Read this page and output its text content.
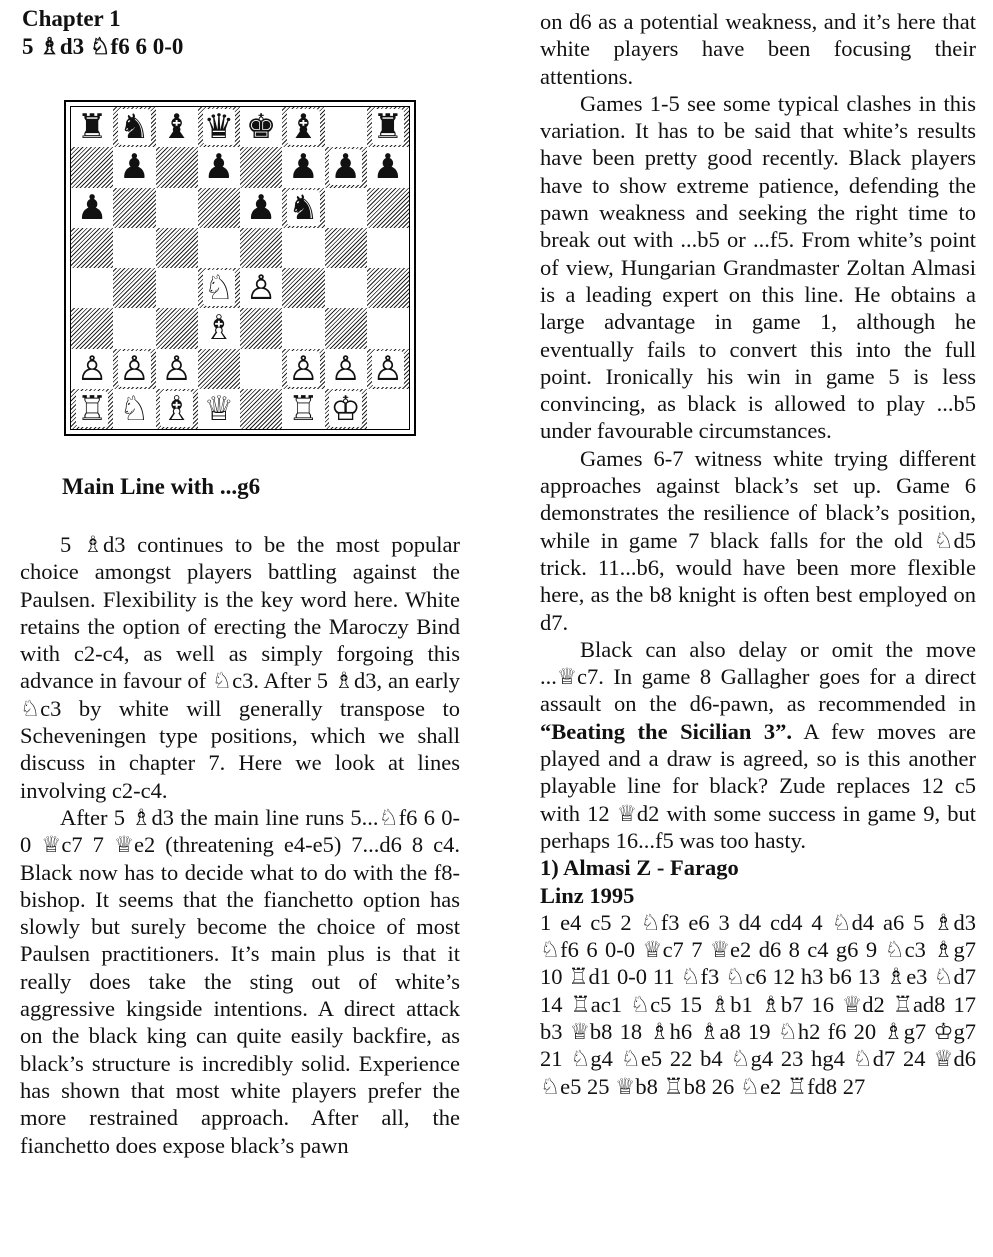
Chapter 1
5 ♗d3 ♘f6 6 0-0
♜ ♞ ♝ ♛ ♚ ♝ ♜
♟ ♟ ♟ ♟ ♟
♟	♟ ♞
♘ ♙
♗
♙ ♙ ♙	♙ ♙ ♙
♖ ♘ ♗ ♕ ♖ ♔
Main Line with ...g6

5 ♗d3 continues to be the most popular choice amongst players battling against the Paulsen. Flexibility is the key word here. White retains the option of erecting the Maroczy Bind with c2-c4, as well as simply forgoing this advance in favour of ♘c3. After 5 ♗d3, an early ♘c3 by white will generally transpose to Scheveningen type positions, which we shall discuss in chapter 7. Here we look at lines involving c2-c4.

After 5 ♗d3 the main line runs 5...♘f6 6 0-0 ♕c7 7 ♕e2 (threatening e4-e5) 7...d6 8 c4. Black now has to decide what to do with the f8-bishop. It seems that the fianchetto option has slowly but surely become the choice of most Paulsen practitioners. It’s main plus is that it really does take the sting out of white’s aggressive kingside intentions. A direct attack on the black king can quite easily backfire, as black’s structure is incredibly solid. Experience has shown that most white players prefer the more restrained approach. After all, the fianchetto does expose black’s pawn

on d6 as a potential weakness, and it’s here that white players have been focusing their attentions.

Games 1-5 see some typical clashes in this variation. It has to be said that white’s results have been pretty good recently. Black players have to show extreme patience, defending the pawn weakness and seeking the right time to break out with ...b5 or ...f5. From white’s point of view, Hungarian Grandmaster Zoltan Almasi is a leading expert on this line. He obtains a large advantage in game 1, although he eventually fails to convert this into the full point. Ironically his win in game 5 is less convincing, as black is allowed to play ...b5 under favourable circumstances.

Games 6-7 witness white trying different approaches against black’s set up. Game 6 demonstrates the resilience of black’s position, while in game 7 black falls for the old ♘d5 trick. 11...b6, would have been more flexible here, as the b8 knight is often best employed on d7.

Black can also delay or omit the move ...♕c7. In game 8 Gallagher goes for a direct assault on the d6-pawn, as recommended in “Beating the Sicilian 3”. A few moves are played and a draw is agreed, so is this another playable line for black? Zude replaces 12 c5 with 12 ♕d2 with some success in game 9, but perhaps 16...f5 was too hasty.

1) Almasi Z - Farago
Linz 1995

1 e4 c5 2 ♘f3 e6 3 d4 cd4 4 ♘d4 a6 5 ♗d3 ♘f6 6 0-0 ♕c7 7 ♕e2 d6 8 c4 g6 9 ♘c3 ♗g7 10 ♖d1 0-0 11 ♘f3 ♘c6 12 h3 b6 13 ♗e3 ♘d7 14 ♖ac1 ♘c5 15 ♗b1 ♗b7 16 ♕d2 ♖ad8 17 b3 ♕b8 18 ♗h6 ♗a8 19 ♘h2 f6 20 ♗g7 ♔g7 21 ♘g4 ♘e5 22 b4 ♘g4 23 hg4 ♘d7 24 ♕d6 ♘e5 25 ♕b8 ♖b8 26 ♘e2 ♖fd8 27
